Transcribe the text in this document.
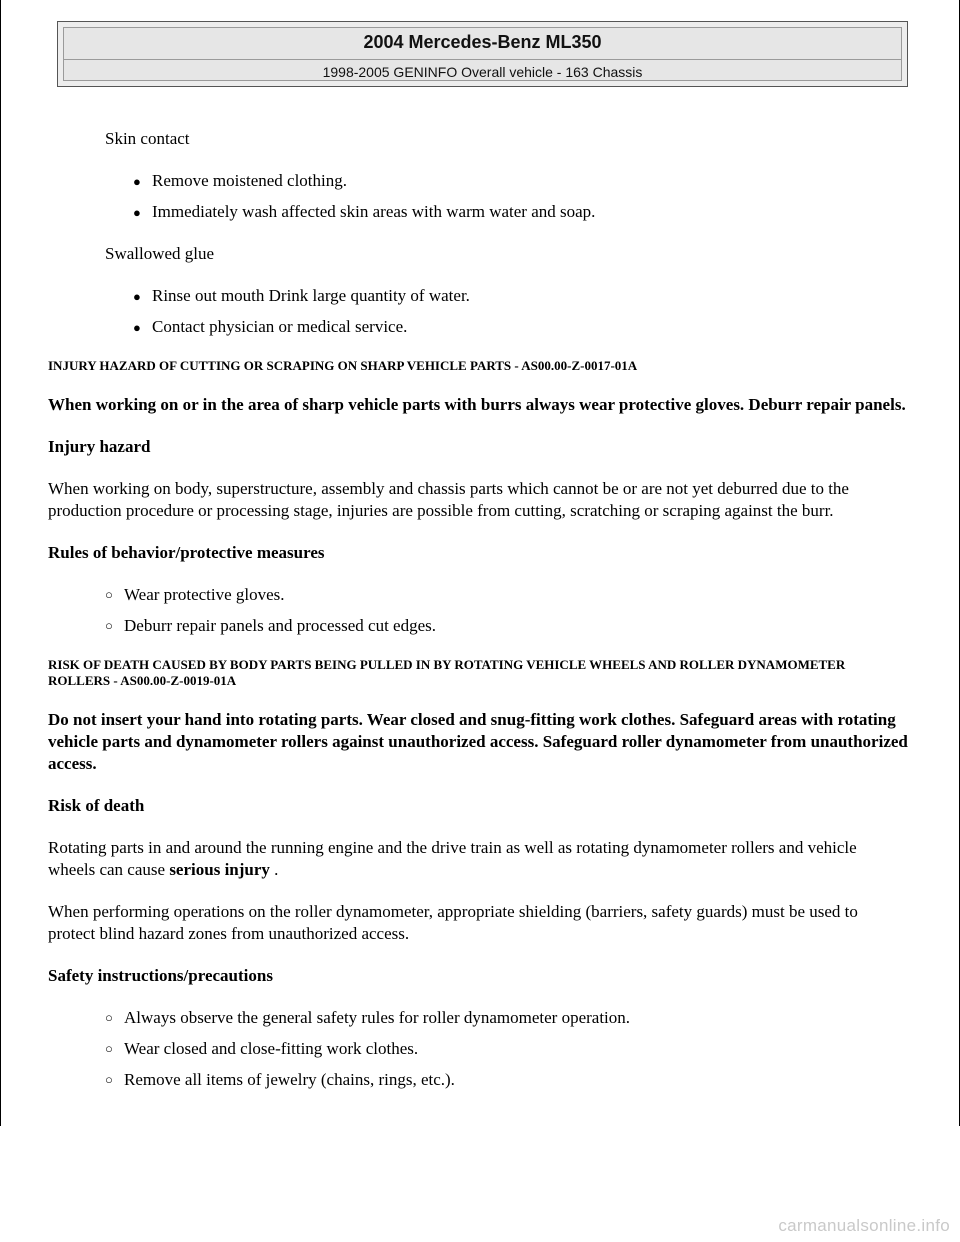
2004 Mercedes-Benz ML350
1998-2005 GENINFO Overall vehicle - 163 Chassis

Skin contact

● Remove moistened clothing.
● Immediately wash affected skin areas with warm water and soap.

Swallowed glue

● Rinse out mouth Drink large quantity of water.
● Contact physician or medical service.

INJURY HAZARD OF CUTTING OR SCRAPING ON SHARP VEHICLE PARTS - AS00.00-Z-0017-01A

When working on or in the area of sharp vehicle parts with burrs always wear protective gloves. Deburr repair panels.

Injury hazard

When working on body, superstructure, assembly and chassis parts which cannot be or are not yet deburred due to the production procedure or processing stage, injuries are possible from cutting, scratching or scraping against the burr.

Rules of behavior/protective measures

○ Wear protective gloves.
○ Deburr repair panels and processed cut edges.

RISK OF DEATH CAUSED BY BODY PARTS BEING PULLED IN BY ROTATING VEHICLE WHEELS AND ROLLER DYNAMOMETER ROLLERS - AS00.00-Z-0019-01A

Do not insert your hand into rotating parts. Wear closed and snug-fitting work clothes. Safeguard areas with rotating vehicle parts and dynamometer rollers against unauthorized access. Safeguard roller dynamometer from unauthorized access.

Risk of death

Rotating parts in and around the running engine and the drive train as well as rotating dynamometer rollers and vehicle wheels can cause serious injury .

When performing operations on the roller dynamometer, appropriate shielding (barriers, safety guards) must be used to protect blind hazard zones from unauthorized access.

Safety instructions/precautions

○ Always observe the general safety rules for roller dynamometer operation.
○ Wear closed and close-fitting work clothes.
○ Remove all items of jewelry (chains, rings, etc.).
carmanualsonline.info
